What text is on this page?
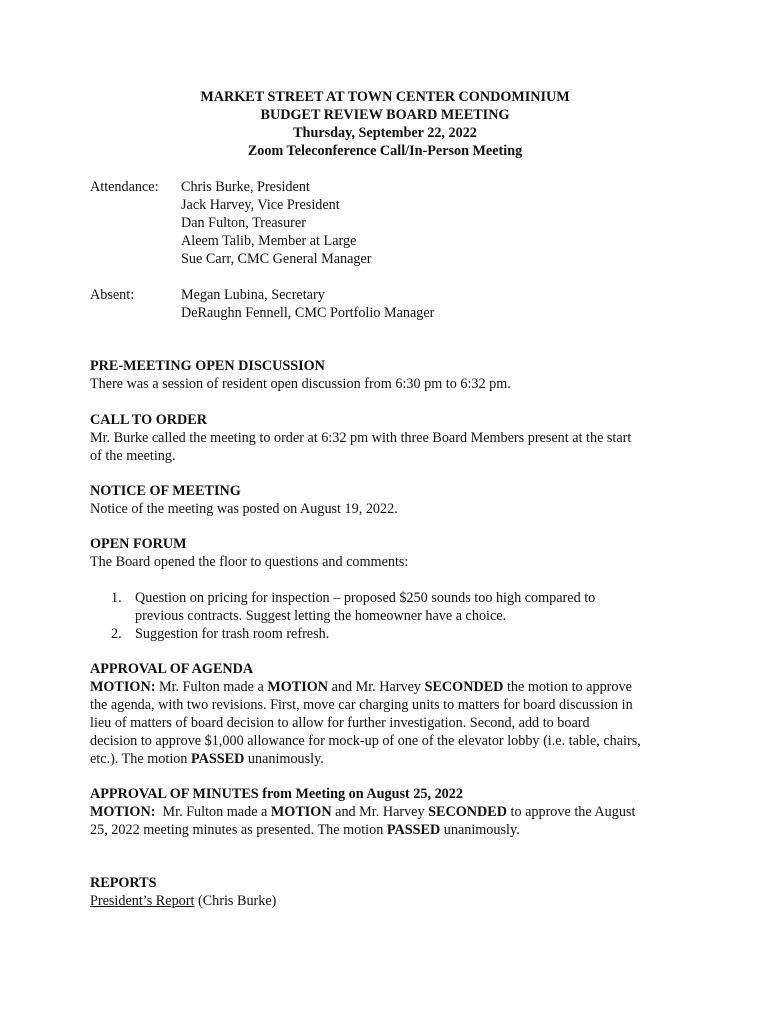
MARKET STREET AT TOWN CENTER CONDOMINIUM
BUDGET REVIEW BOARD MEETING
Thursday, September 22, 2022
Zoom Teleconference Call/In-Person Meeting
Attendance:	Chris Burke, President
Jack Harvey, Vice President
Dan Fulton, Treasurer
Aleem Talib, Member at Large
Sue Carr, CMC General Manager
Absent:	Megan Lubina, Secretary
DeRaughn Fennell, CMC Portfolio Manager
PRE-MEETING OPEN DISCUSSION

There was a session of resident open discussion from 6:30 pm to 6:32 pm.

CALL TO ORDER

Mr. Burke called the meeting to order at 6:32 pm with three Board Members present at the start

of the meeting.

NOTICE OF MEETING

Notice of the meeting was posted on August 19, 2022.

OPEN FORUM

The Board opened the floor to questions and comments:

1. Question on pricing for inspection – proposed $250 sounds too high compared to
previous contracts. Suggest letting the homeowner have a choice.
2. Suggestion for trash room refresh.
APPROVAL OF AGENDA

MOTION: Mr. Fulton made a MOTION and Mr. Harvey SECONDED the motion to approve

the agenda, with two revisions. First, move car charging units to matters for board discussion in

lieu of matters of board decision to allow for further investigation. Second, add to board

decision to approve $1,000 allowance for mock-up of one of the elevator lobby (i.e. table, chairs,

etc.). The motion PASSED unanimously.

APPROVAL OF MINUTES from Meeting on August 25, 2022

MOTION:  Mr. Fulton made a MOTION and Mr. Harvey SECONDED to approve the August

25, 2022 meeting minutes as presented. The motion PASSED unanimously.

REPORTS

President’s Report (Chris Burke)
